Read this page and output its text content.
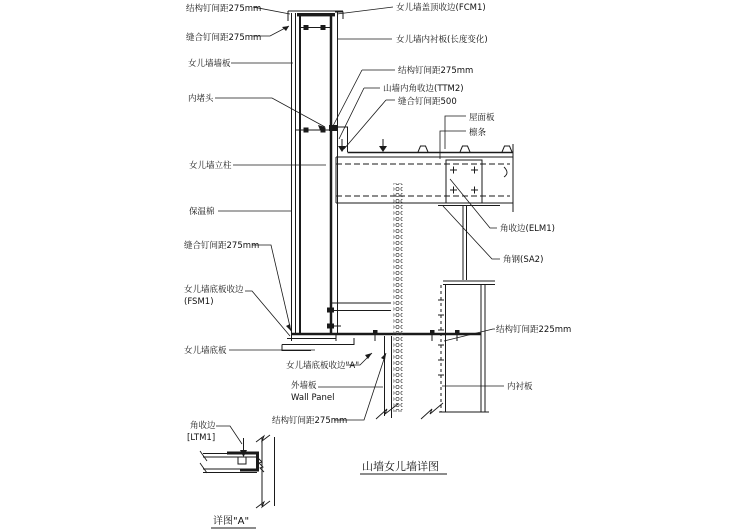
结构钉间距275mm
缝合钉间距275mm
女儿墙墙板
内堵头
女儿墙立柱
保温棉
缝合钉间距275mm
女儿墙底板收边
(FSM1)
女儿墙底板
女儿墙底板收边"A"
外墙板
Wall Panel
结构钉间距275mm
角收边
[LTM1]
女儿墙盖顶收边(FCM1)
女儿墙内衬板(长度变化)
结构钉间距275mm
山墙内角收边(TTM2)
缝合钉间距500
屋面板
檩条
角收边(ELM1)
角钢(SA2)
结构钉间距225mm
内衬板
山墙女儿墙详图
详图"A"
